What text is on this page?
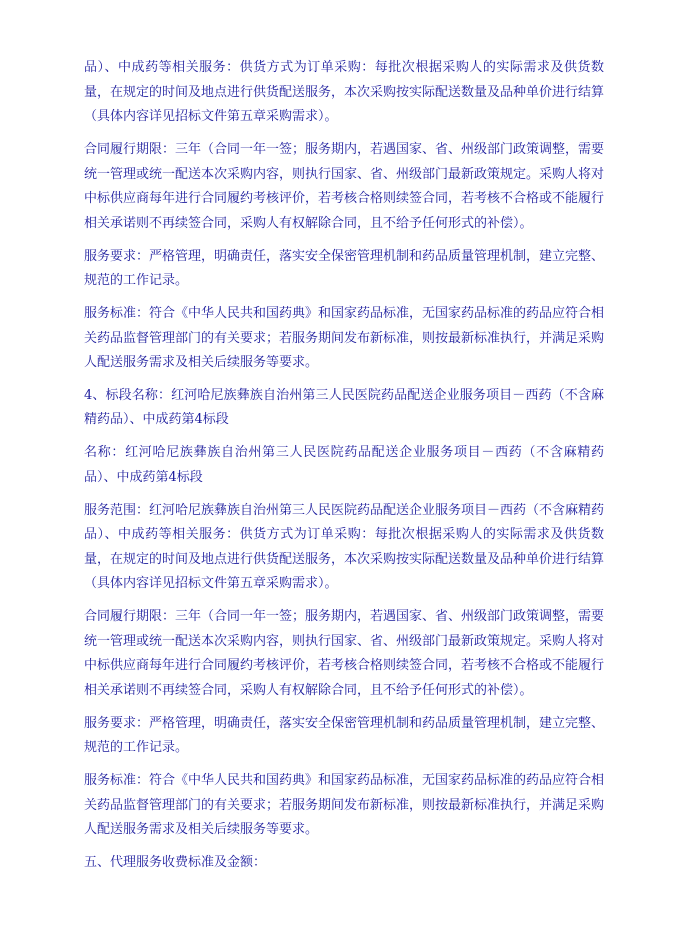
品）、中成药等相关服务：供货方式为订单采购：每批次根据采购人的实际需求及供货数量，在规定的时间及地点进行供货配送服务，本次采购按实际配送数量及品种单价进行结算（具体内容详见招标文件第五章采购需求）。

合同履行期限：三年（合同一年一签；服务期内，若遇国家、省、州级部门政策调整，需要统一管理或统一配送本次采购内容，则执行国家、省、州级部门最新政策规定。采购人将对中标供应商每年进行合同履约考核评价，若考核合格则续签合同，若考核不合格或不能履行相关承诺则不再续签合同，采购人有权解除合同，且不给予任何形式的补偿）。

服务要求：严格管理，明确责任，落实安全保密管理机制和药品质量管理机制，建立完整、规范的工作记录。

服务标准：符合《中华人民共和国药典》和国家药品标准，无国家药品标准的药品应符合相关药品监督管理部门的有关要求；若服务期间发布新标准，则按最新标准执行，并满足采购人配送服务需求及相关后续服务等要求。

4、标段名称：红河哈尼族彝族自治州第三人民医院药品配送企业服务项目－西药（不含麻精药品）、中成药第4标段

名称：红河哈尼族彝族自治州第三人民医院药品配送企业服务项目－西药（不含麻精药品）、中成药第4标段

服务范围：红河哈尼族彝族自治州第三人民医院药品配送企业服务项目－西药（不含麻精药品）、中成药等相关服务：供货方式为订单采购：每批次根据采购人的实际需求及供货数量，在规定的时间及地点进行供货配送服务，本次采购按实际配送数量及品种单价进行结算（具体内容详见招标文件第五章采购需求）。

合同履行期限：三年（合同一年一签；服务期内，若遇国家、省、州级部门政策调整，需要统一管理或统一配送本次采购内容，则执行国家、省、州级部门最新政策规定。采购人将对中标供应商每年进行合同履约考核评价，若考核合格则续签合同，若考核不合格或不能履行相关承诺则不再续签合同，采购人有权解除合同，且不给予任何形式的补偿）。

服务要求：严格管理，明确责任，落实安全保密管理机制和药品质量管理机制，建立完整、规范的工作记录。

服务标准：符合《中华人民共和国药典》和国家药品标准，无国家药品标准的药品应符合相关药品监督管理部门的有关要求；若服务期间发布新标准，则按最新标准执行，并满足采购人配送服务需求及相关后续服务等要求。

五、代理服务收费标准及金额：
